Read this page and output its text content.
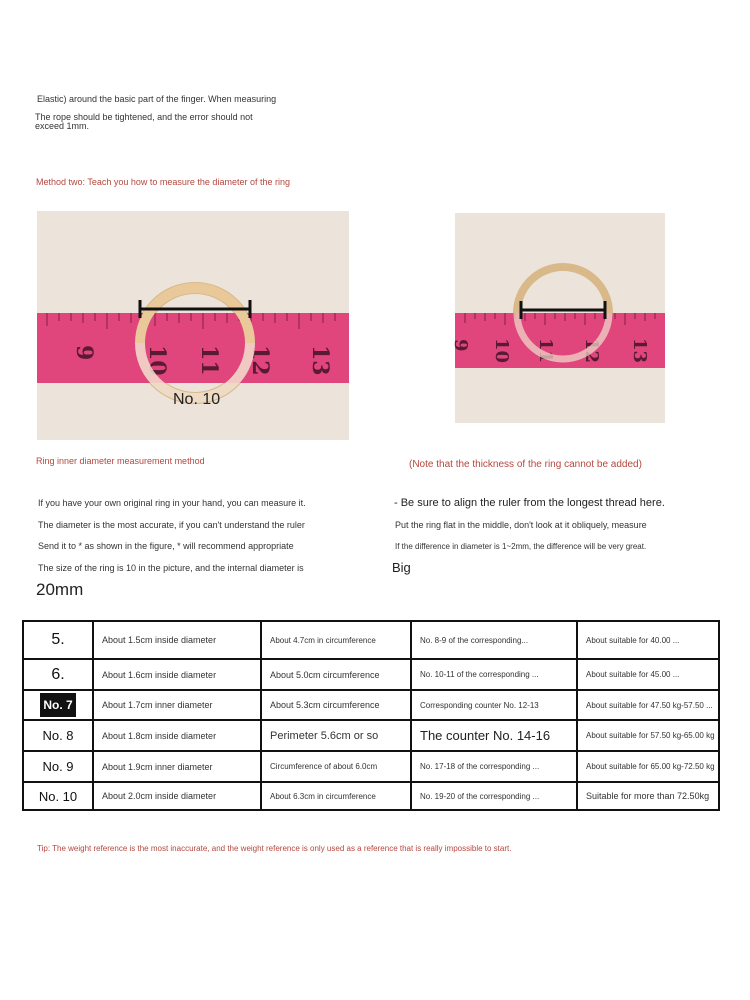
Elastic) around the basic part of the finger. When measuring
The rope should be tightened, and the error should not
exceed 1mm.
Method two: Teach you how to measure the diameter of the ring
9 10 11 12 13
No. 10
9 10 11 12 13
Ring inner diameter measurement method	(Note that the thickness of the ring cannot be added)
If you have your own original ring in your hand, you can measure it.
The diameter is the most accurate, if you can't understand the ruler
Send it to * as shown in the figure, * will recommend appropriate
The size of the ring is 10 in the picture, and the internal diameter is
20mm
- Be sure to align the ruler from the longest thread here.
Put the ring flat in the middle, don't look at it obliquely, measure
If the difference in diameter is 1~2mm, the difference will be very great.
Big
5.	About 1.5cm inside diameter	About 4.7cm in circumference	No. 8-9 of the corresponding...	About suitable for 40.00 ...
6.	About 1.6cm inside diameter	About 5.0cm circumference	No. 10-11 of the corresponding ...	About suitable for 45.00 ...
No. 7	About 1.7cm inner diameter	About 5.3cm circumference	Corresponding counter No. 12-13	About suitable for 47.50 kg-57.50 ...
No. 8	About 1.8cm inside diameter	Perimeter 5.6cm or so	The counter No. 14-16	About suitable for 57.50 kg-65.00 kg
No. 9	About 1.9cm inner diameter	Circumference of about 6.0cm	No. 17-18 of the corresponding ...	About suitable for 65.00 kg-72.50 kg
No. 10	About 2.0cm inside diameter	About 6.3cm in circumference	No. 19-20 of the corresponding ...	Suitable for more than 72.50kg
Tip: The weight reference is the most inaccurate, and the weight reference is only used as a reference that is really impossible to start.
